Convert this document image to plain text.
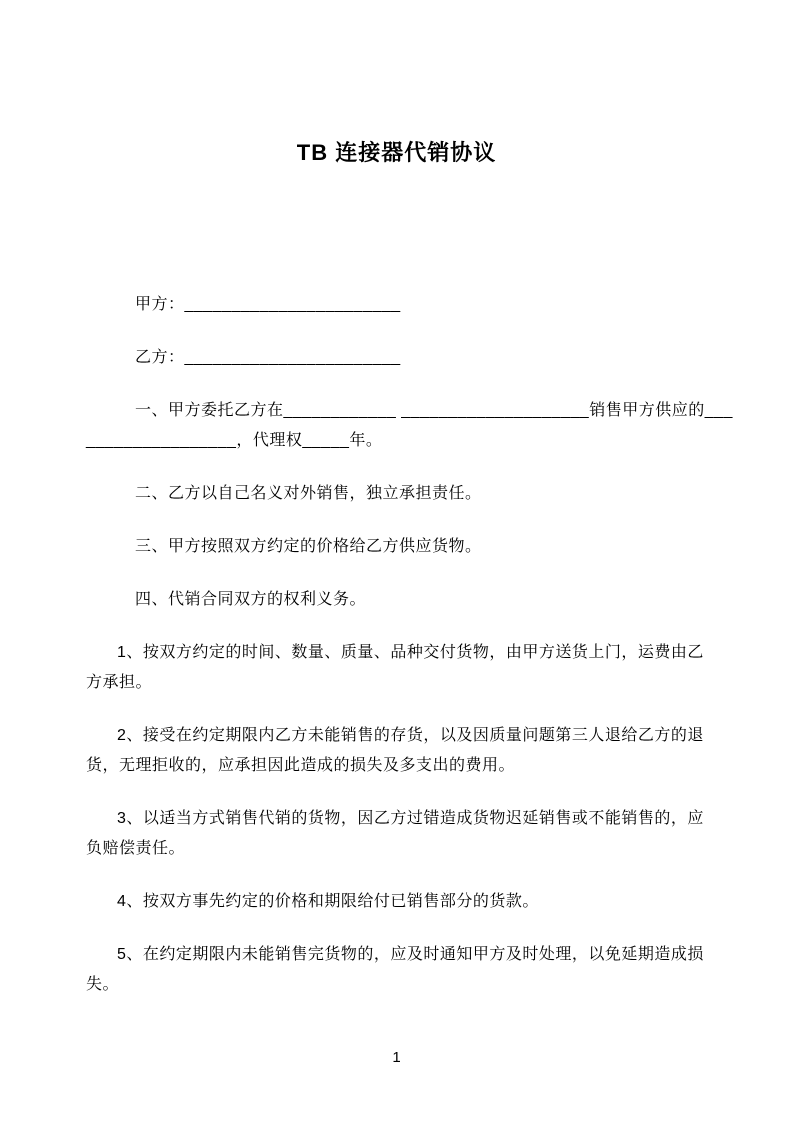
TB 连接器代销协议

甲方：_______________________

乙方：_______________________

一、甲方委托乙方在____________ ____________________销售甲方供应的___ ________________，代理权_____年。

二、乙方以自己名义对外销售，独立承担责任。

三、甲方按照双方约定的价格给乙方供应货物。

四、代销合同双方的权利义务。

1、按双方约定的时间、数量、质量、品种交付货物，由甲方送货上门，运费由乙 方承担。

2、接受在约定期限内乙方未能销售的存货，以及因质量问题第三人退给乙方的退 货，无理拒收的，应承担因此造成的损失及多支出的费用。

3、以适当方式销售代销的货物，因乙方过错造成货物迟延销售或不能销售的，应 负赔偿责任。

4、按双方事先约定的价格和期限给付已销售部分的货款。

5、在约定期限内未能销售完货物的，应及时通知甲方及时处理，以免延期造成损 失。

1
